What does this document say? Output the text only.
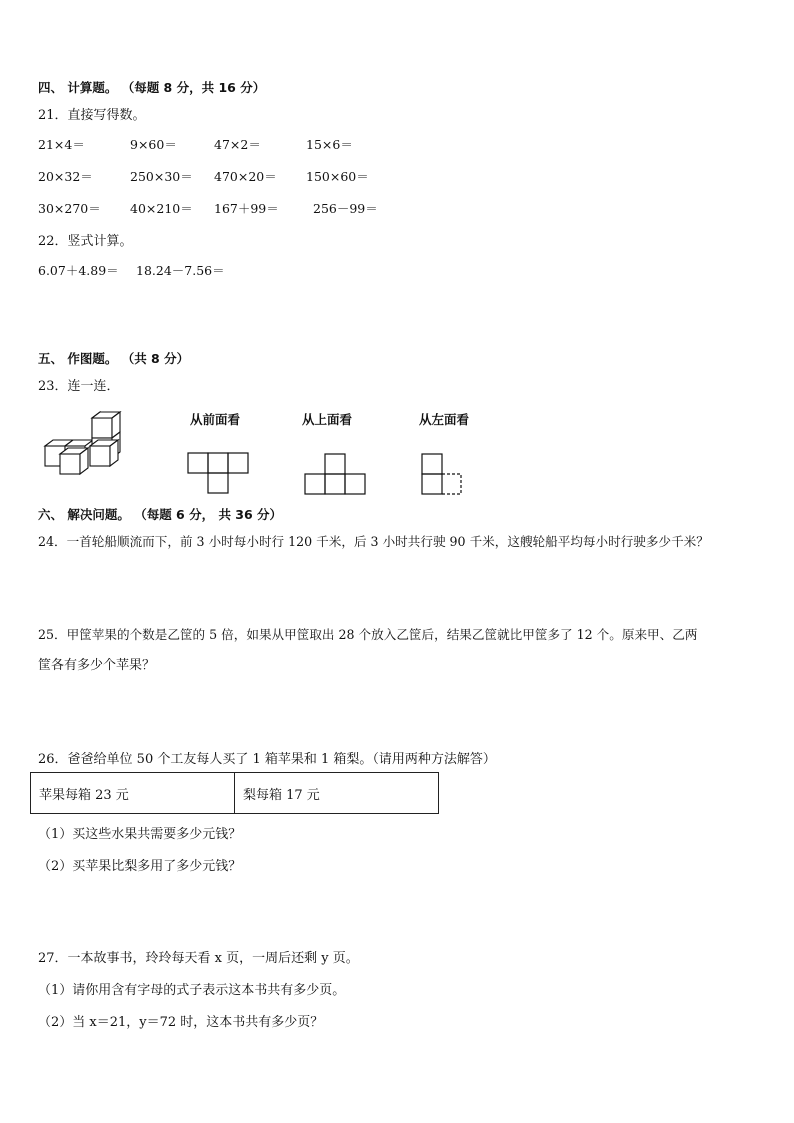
四、 计算题。 （每题 8 分，共 16 分）
21．直接写得数。
21×4＝	9×60＝	47×2＝	15×6＝
20×32＝	250×30＝ 470×20＝ 150×60＝
30×270＝ 40×210＝ 167＋99＝	256－99＝
22．竖式计算。
6.07＋4.89＝ 18.24－7.56＝
五、 作图题。 （共 8 分）
23．连一连．
从前面看	从上面看	从左面看
六、 解决问题。 （每题 6 分， 共 36 分）
24．一首轮船顺流而下，前 3 小时每小时行 120 千米，后 3 小时共行驶 90 千米，这艘轮船平均每小时行驶多少千米？
25．甲筐苹果的个数是乙筐的 5 倍，如果从甲筐取出 28 个放入乙筐后，结果乙筐就比甲筐多了 12 个。原来甲、乙两
筐各有多少个苹果？
26．爸爸给单位 50 个工友每人买了 1 箱苹果和 1 箱梨。（请用两种方法解答）
苹果每箱 23 元	梨每箱 17 元
（1）买这些水果共需要多少元钱？
（2）买苹果比梨多用了多少元钱？
27．一本故事书，玲玲每天看 x 页，一周后还剩 y 页。
（1）请你用含有字母的式子表示这本书共有多少页。
（2）当 x＝21，y＝72 时，这本书共有多少页？
